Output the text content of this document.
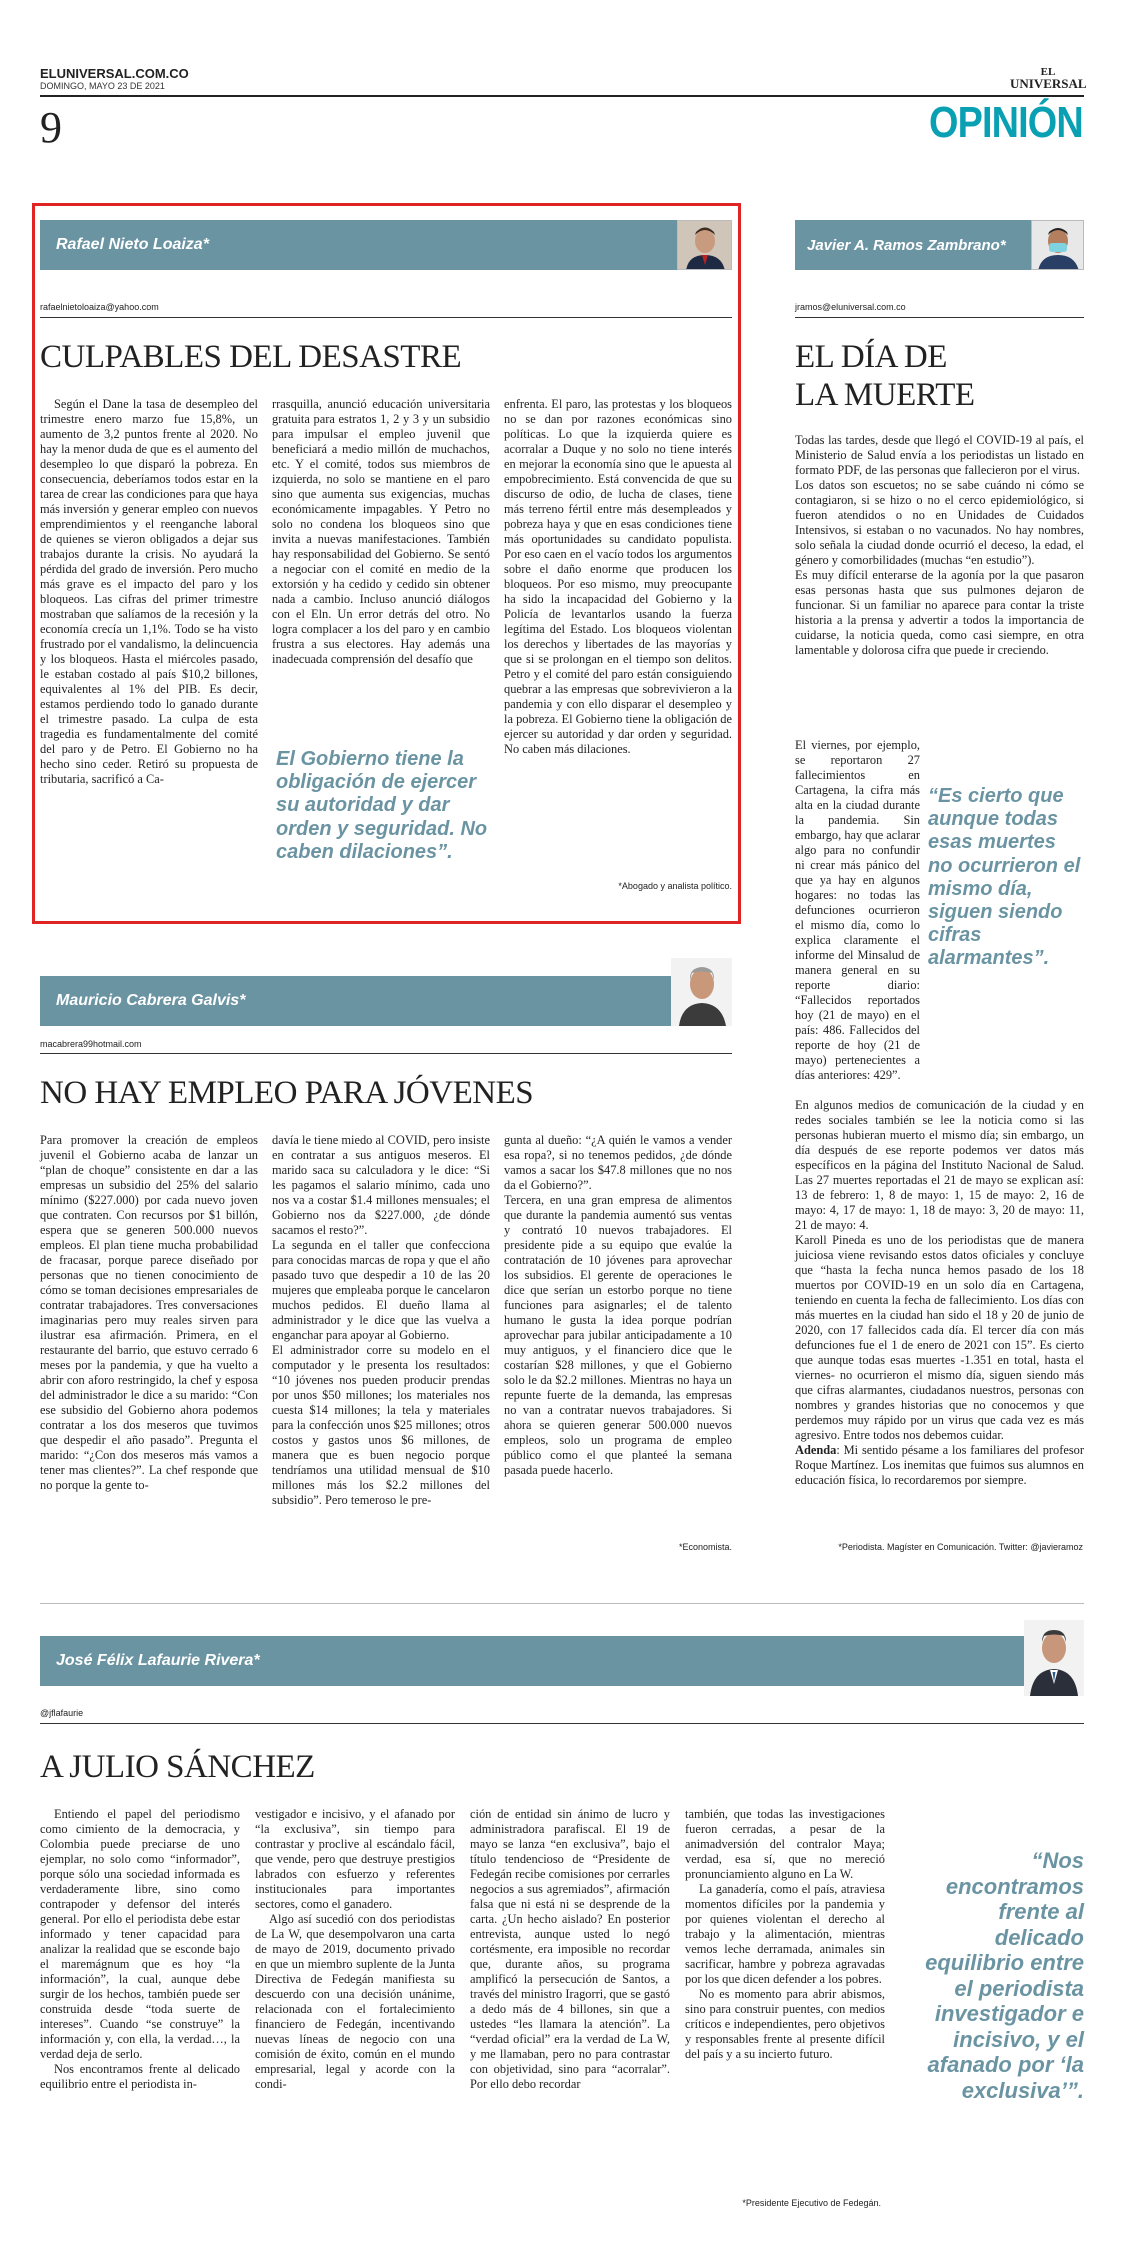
ELUNIVERSAL.COM.CO
DOMINGO, MAYO 23 DE 2021
EL
UNIVERSAL
9	OPINIÓN
Rafael Nieto Loaiza*
rafaelnietoloaiza@yahoo.com
CULPABLES DEL DESASTRE

Según el Dane la tasa de desempleo del trimestre enero marzo fue 15,8%, un aumento de 3,2 puntos frente al 2020. No hay la menor duda de que es el aumento del desempleo lo que disparó la pobreza. En consecuencia, deberíamos todos estar en la tarea de crear las condiciones para que haya más inversión y generar empleo con nuevos emprendimientos y el reenganche laboral de quienes se vieron obligados a dejar sus trabajos durante la crisis. No ayudará la pérdida del grado de inversión. Pero mucho más grave es el impacto del paro y los bloqueos. Las cifras del primer trimestre mostraban que salíamos de la recesión y la economía crecía un 1,1%. Todo se ha visto frustrado por el vandalismo, la delincuencia y los bloqueos. Hasta el miércoles pasado, le estaban costado al país $10,2 billones, equivalentes al 1% del PIB. Es decir, estamos perdiendo todo lo ganado durante el trimestre pasado. La culpa de esta tragedia es fundamentalmente del comité del paro y de Petro. El Gobierno no ha hecho sino ceder. Retiró su propuesta de tributaria, sacrificó a Ca-

rrasquilla, anunció educación universitaria gratuita para estratos 1, 2 y 3 y un subsidio para impulsar el empleo juvenil que beneficiará a medio millón de muchachos, etc. Y el comité, todos sus miembros de izquierda, no solo se mantiene en el paro sino que aumenta sus exigencias, muchas económicamente impagables. Y Petro no solo no condena los bloqueos sino que invita a nuevas manifestaciones. También hay responsabilidad del Gobierno. Se sentó a negociar con el comité en medio de la extorsión y ha cedido y cedido sin obtener nada a cambio. Incluso anunció diálogos con el Eln. Un error detrás del otro. No logra complacer a los del paro y en cambio frustra a sus electores. Hay además una inadecuada comprensión del desafío que

El Gobierno tiene la obligación de ejercer su autoridad y dar orden y seguridad. No caben dilaciones”.

enfrenta. El paro, las protestas y los bloqueos no se dan por razones económicas sino políticas. Lo que la izquierda quiere es acorralar a Duque y no solo no tiene interés en mejorar la economía sino que le apuesta al empobrecimiento. Está convencida de que su discurso de odio, de lucha de clases, tiene más terreno fértil entre más desempleados y pobreza haya y que en esas condiciones tiene más oportunidades su candidato populista. Por eso caen en el vacío todos los argumentos sobre el daño enorme que producen los bloqueos. Por eso mismo, muy preocupante ha sido la incapacidad del Gobierno y la Policía de levantarlos usando la fuerza legítima del Estado. Los bloqueos violentan los derechos y libertades de las mayorías y que si se prolongan en el tiempo son delitos. Petro y el comité del paro están consiguiendo quebrar a las empresas que sobrevivieron a la pandemia y con ello disparar el desempleo y la pobreza. El Gobierno tiene la obligación de ejercer su autoridad y dar orden y seguridad. No caben más dilaciones.

*Abogado y analista político.
Javier A. Ramos Zambrano*
jramos@eluniversal.com.co
EL DÍA DE
LA MUERTE

Todas las tardes, desde que llegó el COVID-19 al país, el Ministerio de Salud envía a los periodistas un listado en formato PDF, de las personas que fallecieron por el virus.

Los datos son escuetos; no se sabe cuándo ni cómo se contagiaron, si se hizo o no el cerco epidemiológico, si fueron atendidos o no en Unidades de Cuidados Intensivos, si estaban o no vacunados. No hay nombres, solo señala la ciudad donde ocurrió el deceso, la edad, el género y comorbilidades (muchas “en estudio”).

Es muy difícil enterarse de la agonía por la que pasaron esas personas hasta que sus pulmones dejaron de funcionar. Si un familiar no aparece para contar la triste historia a la prensa y advertir a todos la importancia de cuidarse, la noticia queda, como casi siempre, en otra lamentable y dolorosa cifra que puede ir creciendo.

El viernes, por ejemplo, se reportaron 27 fallecimientos en Cartagena, la cifra más alta en la ciudad durante la pandemia. Sin embargo, hay que aclarar algo para no confundir ni crear más pánico del que ya hay en algunos hogares: no todas las defunciones ocurrieron el mismo día, como lo explica claramente el informe del Minsalud de manera general en su reporte diario: “Fallecidos reportados hoy (21 de mayo) en el país: 486. Fallecidos del reporte de hoy (21 de mayo) pertenecientes a días anteriores: 429”.

“Es cierto que aunque todas esas muertes no ocurrieron el mismo día, siguen siendo cifras alarmantes”.

En algunos medios de comunicación de la ciudad y en redes sociales también se lee la noticia como si las personas hubieran muerto el mismo día; sin embargo, un día después de ese reporte podemos ver datos más específicos en la página del Instituto Nacional de Salud. Las 27 muertes reportadas el 21 de mayo se explican así: 13 de febrero: 1, 8 de mayo: 1, 15 de mayo: 2, 16 de mayo: 4, 17 de mayo: 1, 18 de mayo: 3, 20 de mayo: 11, 21 de mayo: 4.

Karoll Pineda es uno de los periodistas que de manera juiciosa viene revisando estos datos oficiales y concluye que “hasta la fecha nunca hemos pasado de los 18 muertos por COVID-19 en un solo día en Cartagena, teniendo en cuenta la fecha de fallecimiento. Los días con más muertes en la ciudad han sido el 18 y 20 de junio de 2020, con 17 fallecidos cada día. El tercer día con más defunciones fue el 1 de enero de 2021 con 15”. Es cierto que aunque todas esas muertes -1.351 en total, hasta el viernes- no ocurrieron el mismo día, siguen siendo más que cifras alarmantes, ciudadanos nuestros, personas con nombres y grandes historias que no conocemos y que perdemos muy rápido por un virus que cada vez es más agresivo. Entre todos nos debemos cuidar.

Adenda: Mi sentido pésame a los familiares del profesor Roque Martínez. Los inemitas que fuimos sus alumnos en educación física, lo recordaremos por siempre.

*Periodista. Magíster en Comunicación. Twitter: @javieramoz
Mauricio Cabrera Galvis*
macabrera99hotmail.com
NO HAY EMPLEO PARA JÓVENES

Para promover la creación de empleos juvenil el Gobierno acaba de lanzar un “plan de choque” consistente en dar a las empresas un subsidio del 25% del salario mínimo ($227.000) por cada nuevo joven que contraten. Con recursos por $1 billón, espera que se generen 500.000 nuevos empleos. El plan tiene mucha probabilidad de fracasar, porque parece diseñado por personas que no tienen conocimiento de cómo se toman decisiones empresariales de contratar trabajadores. Tres conversaciones imaginarias pero muy reales sirven para ilustrar esa afirmación. Primera, en el restaurante del barrio, que estuvo cerrado 6 meses por la pandemia, y que ha vuelto a abrir con aforo restringido, la chef y esposa del administrador le dice a su marido: “Con ese subsidio del Gobierno ahora podemos contratar a los dos meseros que tuvimos que despedir el año pasado”. Pregunta el marido: “¿Con dos meseros más vamos a tener mas clientes?”. La chef responde que no porque la gente to-

davía le tiene miedo al COVID, pero insiste en contratar a sus antiguos meseros. El marido saca su calculadora y le dice: “Si les pagamos el salario mínimo, cada uno nos va a costar $1.4 millones mensuales; el Gobierno nos da $227.000, ¿de dónde sacamos el resto?”.

La segunda en el taller que confecciona para conocidas marcas de ropa y que el año pasado tuvo que despedir a 10 de las 20 mujeres que empleaba porque le cancelaron muchos pedidos. El dueño llama al administrador y le dice que las vuelva a enganchar para apoyar al Gobierno.

El administrador corre su modelo en el computador y le presenta los resultados: “10 jóvenes nos pueden producir prendas por unos $50 millones; los materiales nos cuesta $14 millones; la tela y materiales para la confección unos $25 millones; otros costos y gastos unos $6 millones, de manera que es buen negocio porque tendríamos una utilidad mensual de $10 millones más los $2.2 millones del subsidio”. Pero temeroso le pre-

gunta al dueño: “¿A quién le vamos a vender esa ropa?, si no tenemos pedidos, ¿de dónde vamos a sacar los $47.8 millones que no nos da el Gobierno?”.

Tercera, en una gran empresa de alimentos que durante la pandemia aumentó sus ventas y contrató 10 nuevos trabajadores. El presidente pide a su equipo que evalúe la contratación de 10 jóvenes para aprovechar los subsidios. El gerente de operaciones le dice que serían un estorbo porque no tiene funciones para asignarles; el de talento humano le gusta la idea porque podrían aprovechar para jubilar anticipadamente a 10 muy antiguos, y el financiero dice que le costarían $28 millones, y que el Gobierno solo le da $2.2 millones. Mientras no haya un repunte fuerte de la demanda, las empresas no van a contratar nuevos trabajadores. Si ahora se quieren generar 500.000 nuevos empleos, solo un programa de empleo público como el que planteé la semana pasada puede hacerlo.

*Economista.
José Félix Lafaurie Rivera*
@jflafaurie
A JULIO SÁNCHEZ

Entiendo el papel del periodismo como cimiento de la democracia, y Colombia puede preciarse de uno ejemplar, no solo como “informador”, porque sólo una sociedad informada es verdaderamente libre, sino como contrapoder y defensor del interés general. Por ello el periodista debe estar informado y tener capacidad para analizar la realidad que se esconde bajo el maremágnum que es hoy “la información”, la cual, aunque debe surgir de los hechos, también puede ser construida desde “toda suerte de intereses”. Cuando “se construye” la información y, con ella, la verdad…, la verdad deja de serlo.

Nos encontramos frente al delicado equilibrio entre el periodista in-

vestigador e incisivo, y el afanado por “la exclusiva”, sin tiempo para contrastar y proclive al escándalo fácil, que vende, pero que destruye prestigios labrados con esfuerzo y referentes institucionales para importantes sectores, como el ganadero.

Algo así sucedió con dos periodistas de La W, que desempolvaron una carta de mayo de 2019, documento privado en que un miembro suplente de la Junta Directiva de Fedegán manifiesta su descuerdo con una decisión unánime, relacionada con el fortalecimiento financiero de Fedegán, incentivando nuevas líneas de negocio con una comisión de éxito, común en el mundo empresarial, legal y acorde con la condi-

ción de entidad sin ánimo de lucro y administradora parafiscal. El 19 de mayo se lanza “en exclusiva”, bajo el título tendencioso de “Presidente de Fedegán recibe comisiones por cerrarles negocios a sus agremiados”, afirmación falsa que ni está ni se desprende de la carta. ¿Un hecho aislado? En posterior entrevista, aunque usted lo negó cortésmente, era imposible no recordar que, durante años, su programa amplificó la persecución de Santos, a través del ministro Iragorri, que se gastó a dedo más de 4 billones, sin que a ustedes “les llamara la atención”. La “verdad oficial” era la verdad de La W, y me llamaban, pero no para contrastar con objetividad, sino para “acorralar”. Por ello debo recordar

también, que todas las investigaciones fueron cerradas, a pesar de la animadversión del contralor Maya; verdad, esa sí, que no mereció pronunciamiento alguno en La W.

La ganadería, como el país, atraviesa momentos difíciles por la pandemia y por quienes violentan el derecho al trabajo y la alimentación, mientras vemos leche derramada, animales sin sacrificar, hambre y pobreza agravadas por los que dicen defender a los pobres.

No es momento para abrir abismos, sino para construir puentes, con medios críticos e independientes, pero objetivos y responsables frente al presente difícil del país y a su incierto futuro.

“Nos encontramos frente al delicado equilibrio entre el periodista investigador e incisivo, y el afanado por ‘la exclusiva’”.
*Presidente Ejecutivo de Fedegán.
